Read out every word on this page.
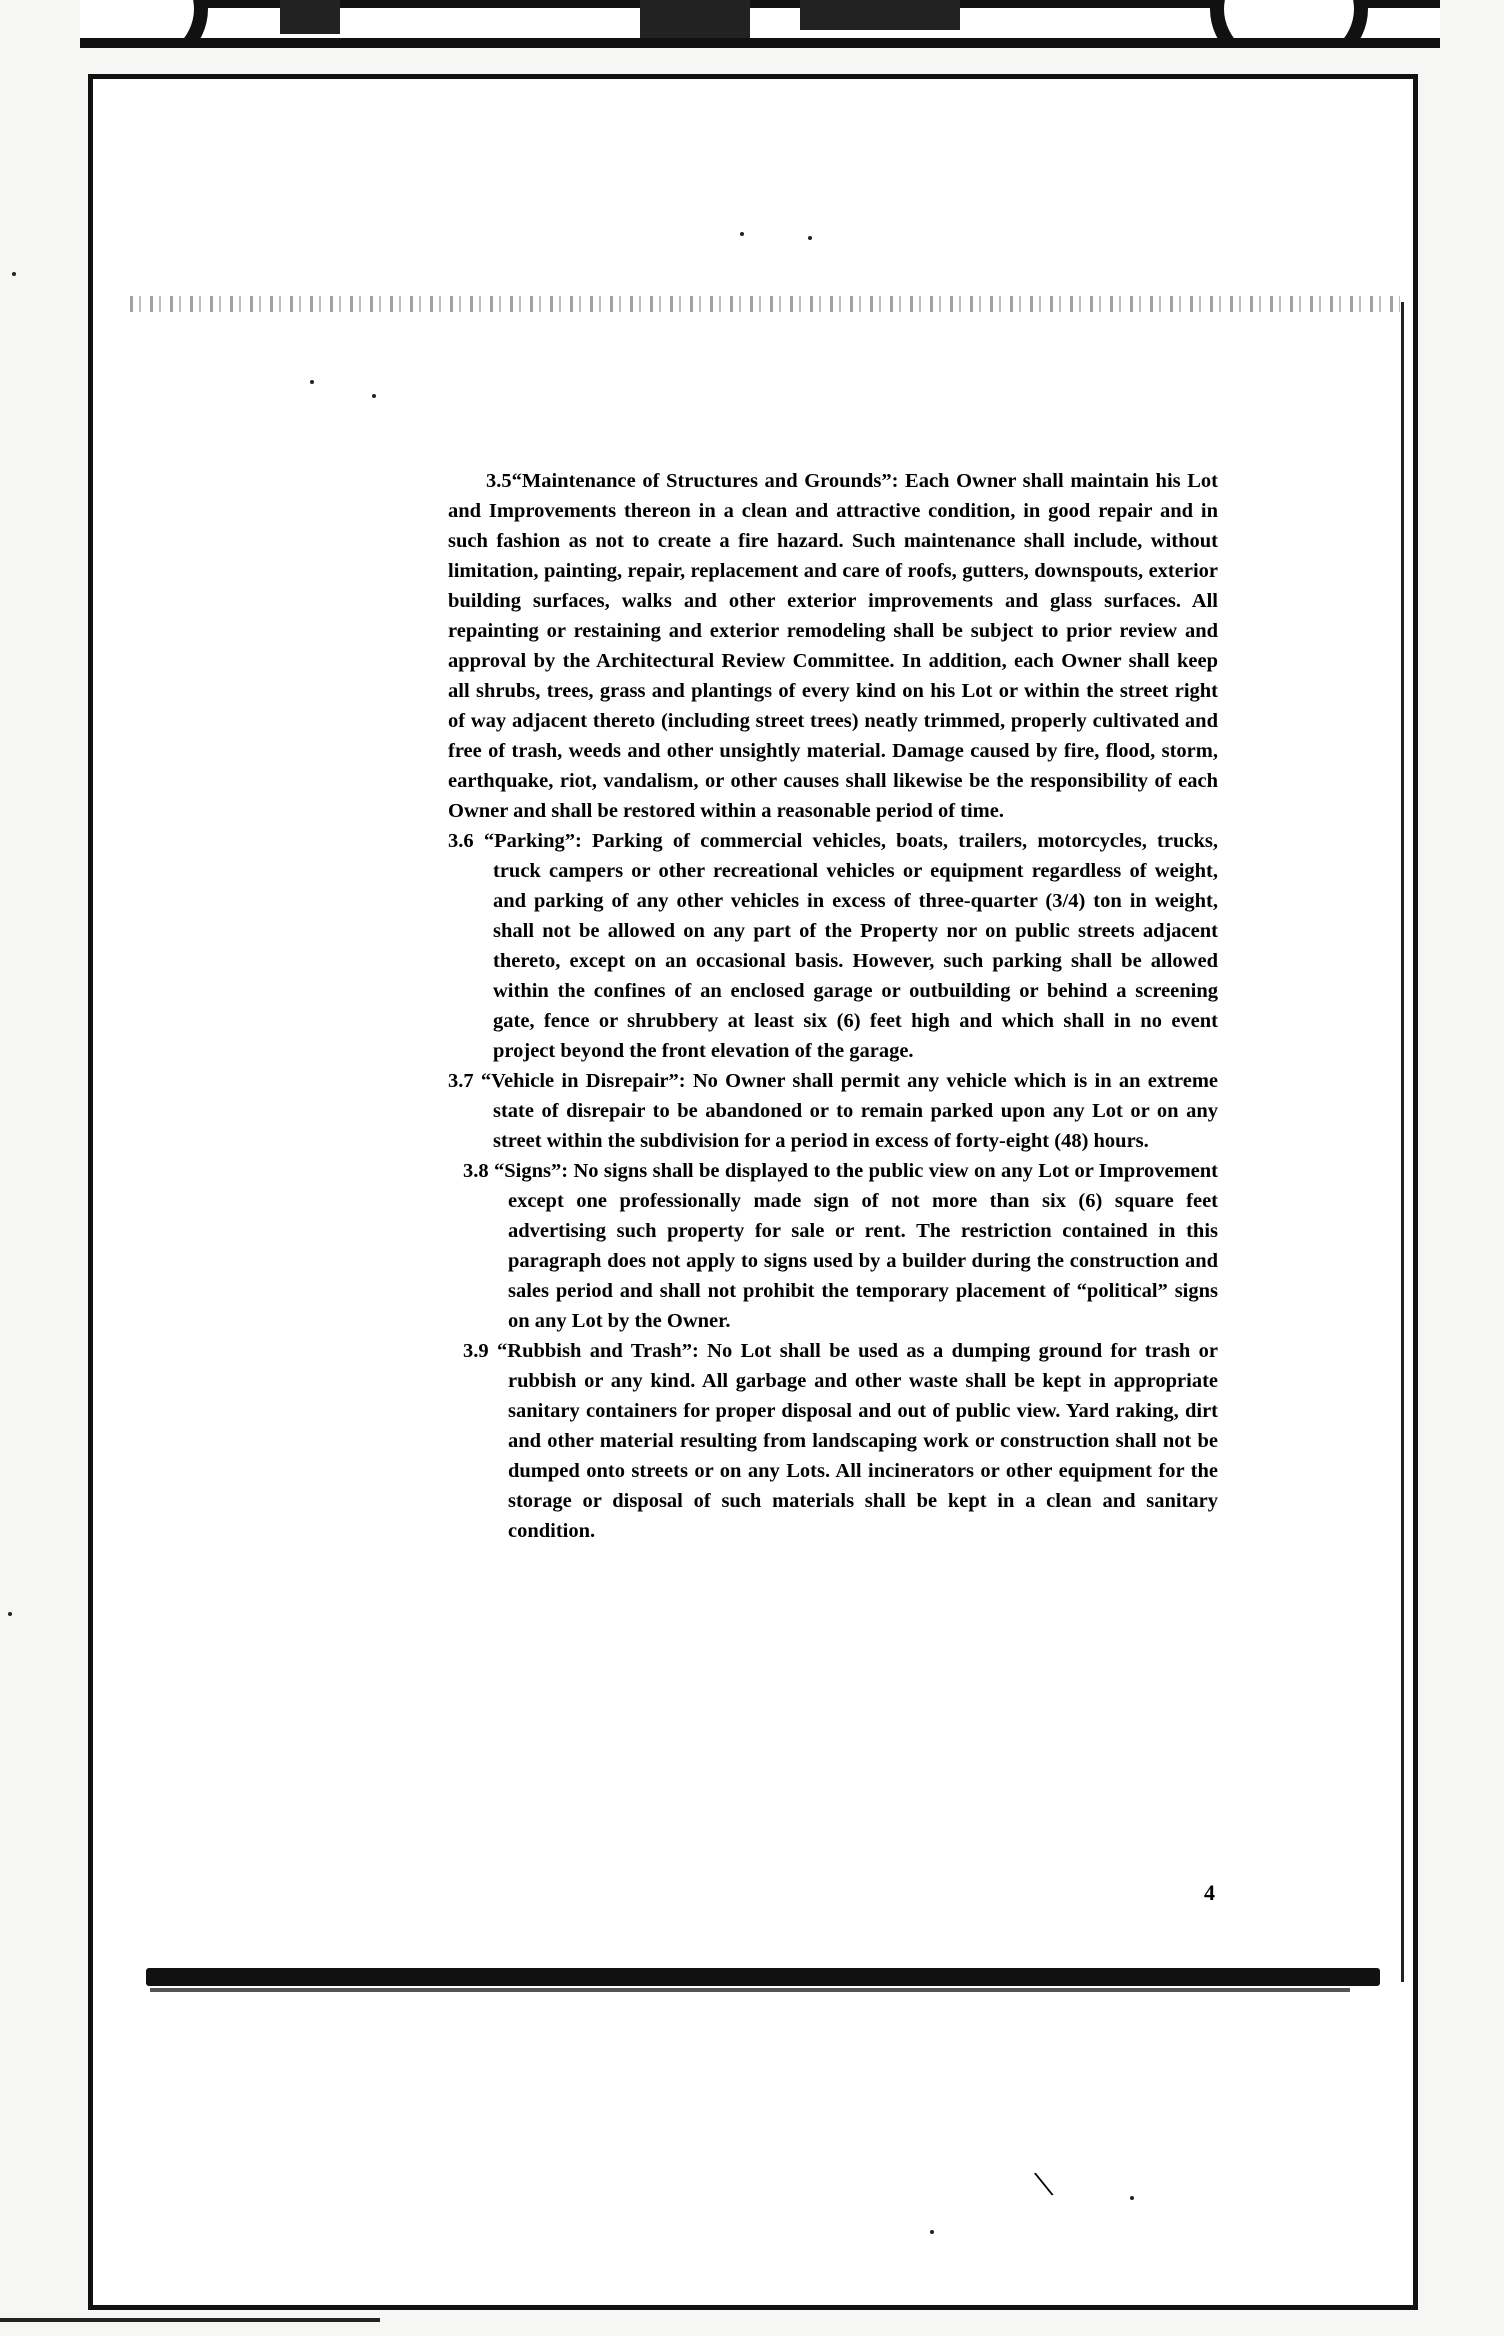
3.5“Maintenance of Structures and Grounds”: Each Owner shall maintain his Lot and Improvements thereon in a clean and attractive condition, in good repair and in such fashion as not to create a fire hazard. Such maintenance shall include, without limitation, painting, repair, replacement and care of roofs, gutters, downspouts, exterior building surfaces, walks and other exterior improvements and glass surfaces. All repainting or restaining and exterior remodeling shall be subject to prior review and approval by the Architectural Review Committee. In addition, each Owner shall keep all shrubs, trees, grass and plantings of every kind on his Lot or within the street right of way adjacent thereto (including street trees) neatly trimmed, properly cultivated and free of trash, weeds and other unsightly material. Damage caused by fire, flood, storm, earthquake, riot, vandalism, or other causes shall likewise be the responsibility of each Owner and shall be restored within a reasonable period of time.

3.6 “Parking”: Parking of commercial vehicles, boats, trailers, motorcycles, trucks, truck campers or other recreational vehicles or equipment regardless of weight, and parking of any other vehicles in excess of three-quarter (3/4) ton in weight, shall not be allowed on any part of the Property nor on public streets adjacent thereto, except on an occasional basis. However, such parking shall be allowed within the confines of an enclosed garage or outbuilding or behind a screening gate, fence or shrubbery at least six (6) feet high and which shall in no event project beyond the front elevation of the garage.

3.7 “Vehicle in Disrepair”: No Owner shall permit any vehicle which is in an extreme state of disrepair to be abandoned or to remain parked upon any Lot or on any street within the subdivision for a period in excess of forty-eight (48) hours.

3.8 “Signs”: No signs shall be displayed to the public view on any Lot or Improvement except one professionally made sign of not more than six (6) square feet advertising such property for sale or rent. The restriction contained in this paragraph does not apply to signs used by a builder during the construction and sales period and shall not prohibit the temporary placement of “political” signs on any Lot by the Owner.

3.9 “Rubbish and Trash”: No Lot shall be used as a dumping ground for trash or rubbish or any kind. All garbage and other waste shall be kept in appropriate sanitary containers for proper disposal and out of public view. Yard raking, dirt and other material resulting from landscaping work or construction shall not be dumped onto streets or on any Lots. All incinerators or other equipment for the storage or disposal of such materials shall be kept in a clean and sanitary condition.

4
\
